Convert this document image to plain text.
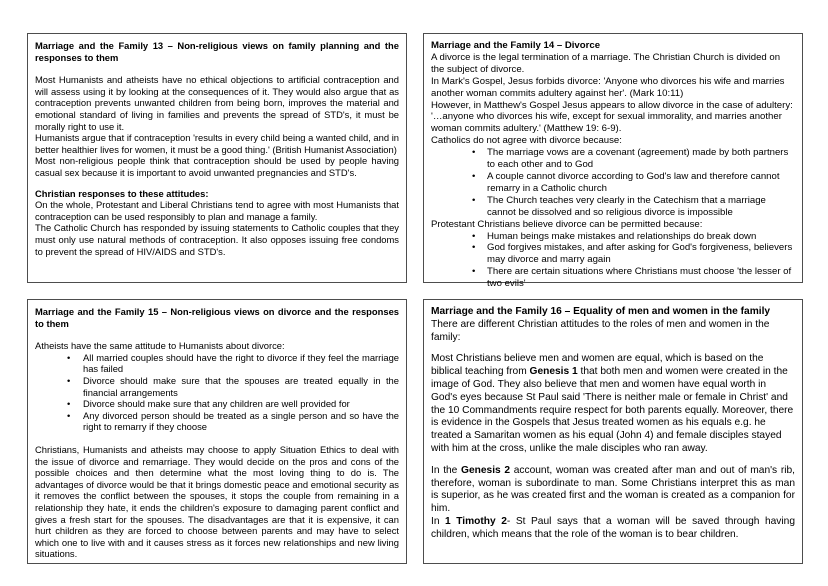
Marriage and the Family 13 – Non-religious views on family planning and the responses to them

Most Humanists and atheists have no ethical objections to artificial contraception and will assess using it by looking at the consequences of it. They would also argue that as contraception prevents unwanted children from being born, improves the material and emotional standard of living in families and prevents the spread of STD's, it must be morally right to use it.

Humanists argue that if contraception 'results in every child being a wanted child, and in better healthier lives for women, it must be a good thing.' (British Humanist Association)

Most non-religious people think that contraception should be used by people having casual sex because it is important to avoid unwanted pregnancies and STD's.

Christian responses to these attitudes:

On the whole, Protestant and Liberal Christians tend to agree with most Humanists that contraception can be used responsibly to plan and manage a family.

The Catholic Church has responded by issuing statements to Catholic couples that they must only use natural methods of contraception. It also opposes issuing free condoms to prevent the spread of HIV/AIDS and STD's.

Marriage and the Family 14 – Divorce

A divorce is the legal termination of a marriage. The Christian Church is divided on the subject of divorce.

In Mark's Gospel, Jesus forbids divorce: 'Anyone who divorces his wife and marries another woman commits adultery against her'. (Mark 10:11)

However, in Matthew's Gospel Jesus appears to allow divorce in the case of adultery: '…anyone who divorces his wife, except for sexual immorality, and marries another woman commits adultery.' (Matthew 19: 6-9).

Catholics do not agree with divorce because:

• The marriage vows are a covenant (agreement) made by both partners to each other and to God
• A couple cannot divorce according to God's law and therefore cannot remarry in a Catholic church
• The Church teaches very clearly in the Catechism that a marriage cannot be dissolved and so religious divorce is impossible

Protestant Christians believe divorce can be permitted because:

• Human beings make mistakes and relationships do break down
• God forgives mistakes, and after asking for God's forgiveness, believers may divorce and marry again
• There are certain situations where Christians must choose 'the lesser of two evils'

Marriage and the Family 15 – Non-religious views on divorce and the responses to them

Atheists have the same attitude to Humanists about divorce:

• All married couples should have the right to divorce if they feel the marriage has failed
• Divorce should make sure that the spouses are treated equally in the financial arrangements
• Divorce should make sure that any children are well provided for
• Any divorced person should be treated as a single person and so have the right to remarry if they choose

Christians, Humanists and atheists may choose to apply Situation Ethics to deal with the issue of divorce and remarriage. They would decide on the pros and cons of the possible choices and then determine what the most loving thing to do is. The advantages of divorce would be that it brings domestic peace and emotional security as it removes the conflict between the spouses, it stops the couple from remaining in a relationship they hate, it ends the children's exposure to damaging parent conflict and gives a fresh start for the spouses. The disadvantages are that it is expensive, it can hurt children as they are forced to choose between parents and may have to select which one to live with and it causes stress as it forces new relationships and new living situations.

Marriage and the Family 16 – Equality of men and women in the family

There are different Christian attitudes to the roles of men and women in the family:

Most Christians believe men and women are equal, which is based on the biblical teaching from Genesis 1 that both men and women were created in the image of God. They also believe that men and women have equal worth in God's eyes because St Paul said 'There is neither male or female in Christ' and the 10 Commandments require respect for both parents equally. Moreover, there is evidence in the Gospels that Jesus treated women as his equals e.g. he treated a Samaritan women as his equal (John 4) and female disciples stayed with him at the cross, unlike the male disciples who ran away.

In the Genesis 2 account, woman was created after man and out of man's rib, therefore, woman is subordinate to man. Some Christians interpret this as man is superior, as he was created first and the woman is created as a companion for him.

In 1 Timothy 2- St Paul says that a woman will be saved through having children, which means that the role of the woman is to bear children.
